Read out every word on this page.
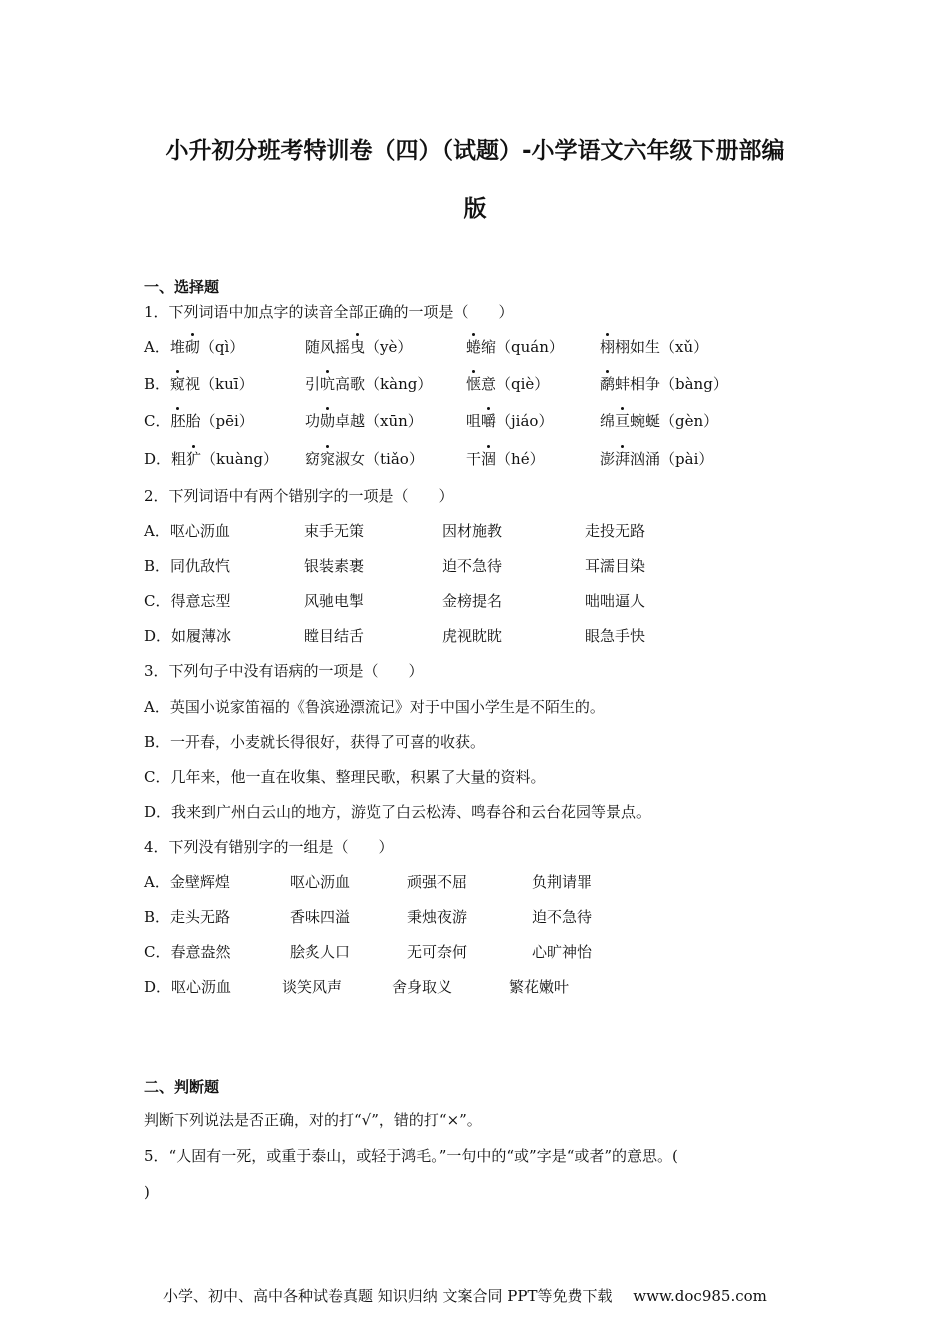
小升初分班考特训卷（四）（试题）-小学语文六年级下册部编
版
一、选择题
1．下列词语中加点字的读音全部正确的一项是（　　）
A．堆砌（qì）	随风摇曳（yè）	蜷缩（quán） 栩栩如生（xǔ）
B．窥视（kuī）	引吭高歌（kàng） 惬意（qiè）	鹬蚌相争（bàng）
C．胚胎（pēi）	功勋卓越（xūn）	咀嚼（jiáo）	绵亘蜿蜒（gèn）
D．粗犷（kuàng） 窈窕淑女（tiǎo）	干涸（hé）	澎湃汹涌（pài）
2．下列词语中有两个错别字的一项是（　　）
A．呕心沥血	束手无策	因材施教	走投无路
B．同仇敌忾	银装素裹	迫不急待	耳濡目染
C．得意忘型	风驰电掣	金榜提名	咄咄逼人
D．如履薄冰	瞠目结舌	虎视眈眈	眼急手快
3．下列句子中没有语病的一项是（　　）
A．英国小说家笛福的《鲁滨逊漂流记》对于中国小学生是不陌生的。
B．一开春，小麦就长得很好，获得了可喜的收获。
C．几年来，他一直在收集、整理民歌，积累了大量的资料。
D．我来到广州白云山的地方，游览了白云松涛、鸣春谷和云台花园等景点。
4．下列没有错别字的一组是（　　）
A．金壁辉煌	呕心沥血	顽强不屈	负荆请罪
B．走头无路	香味四溢	秉烛夜游	迫不急待
C．春意盎然	脍炙人口	无可奈何	心旷神怡
D．呕心沥血	谈笑风声	舍身取义	繁花嫩叶
二、判断题
判断下列说法是否正确，对的打“√”，错的打“×”。
5．“人固有一死，或重于泰山，或轻于鸿毛。”一句中的“或”字是“或者”的意思。(
)
小学、初中、高中各种试卷真题 知识归纳 文案合同 PPT等免费下载 www.doc985.com
